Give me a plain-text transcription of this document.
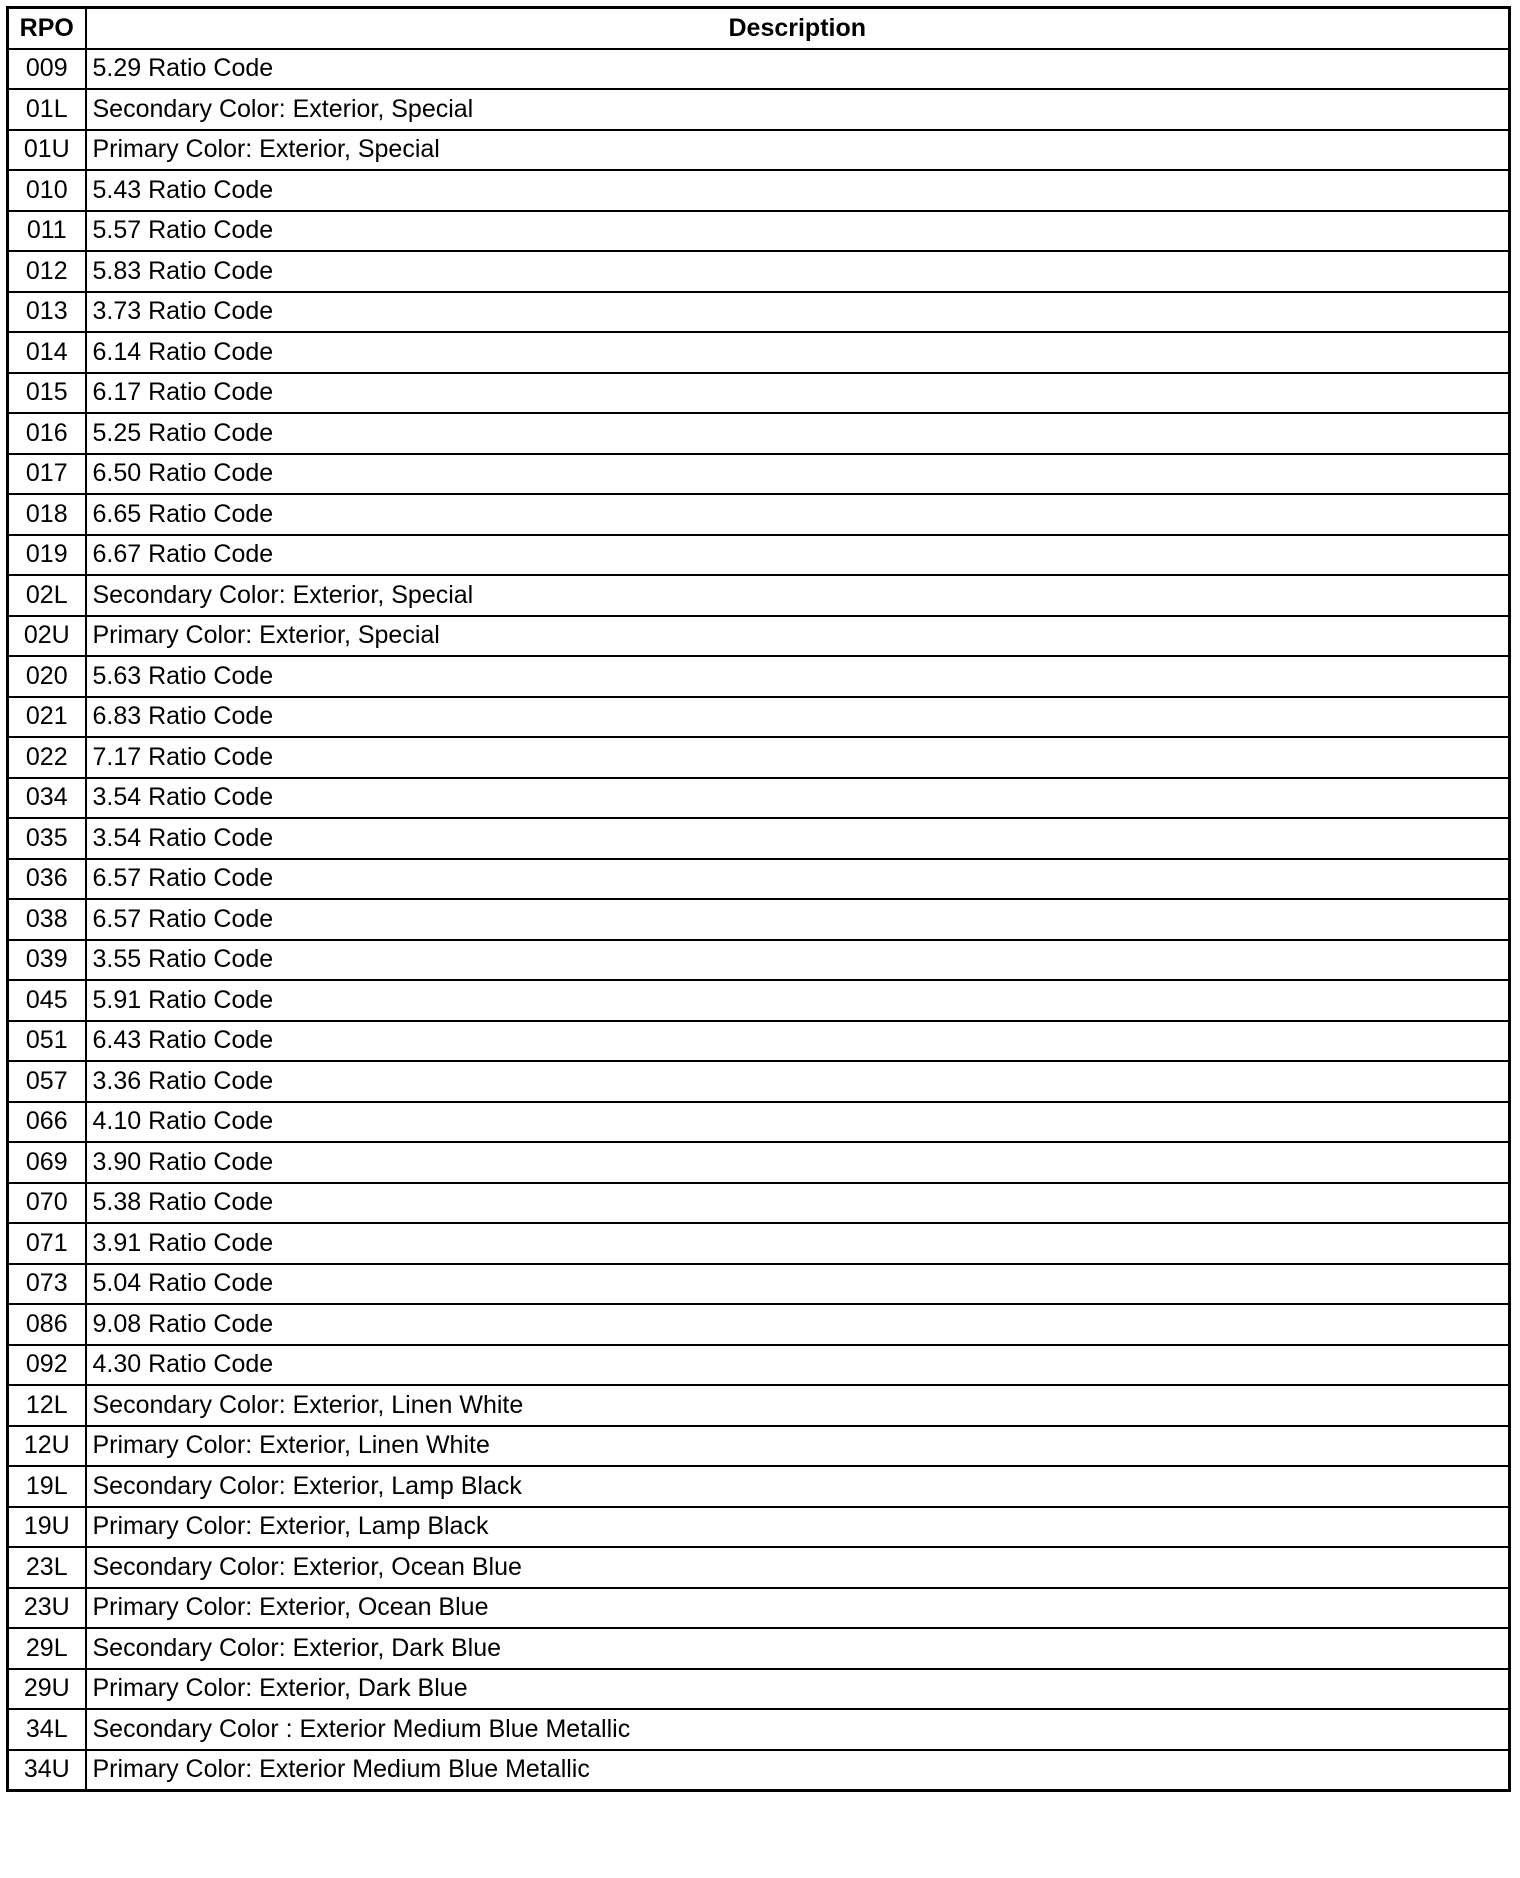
RPO	Description
009	5.29 Ratio Code
01L	Secondary Color: Exterior, Special
01U	Primary Color: Exterior, Special
010	5.43 Ratio Code
011	5.57 Ratio Code
012	5.83 Ratio Code
013	3.73 Ratio Code
014	6.14 Ratio Code
015	6.17 Ratio Code
016	5.25 Ratio Code
017	6.50 Ratio Code
018	6.65 Ratio Code
019	6.67 Ratio Code
02L	Secondary Color: Exterior, Special
02U	Primary Color: Exterior, Special
020	5.63 Ratio Code
021	6.83 Ratio Code
022	7.17 Ratio Code
034	3.54 Ratio Code
035	3.54 Ratio Code
036	6.57 Ratio Code
038	6.57 Ratio Code
039	3.55 Ratio Code
045	5.91 Ratio Code
051	6.43 Ratio Code
057	3.36 Ratio Code
066	4.10 Ratio Code
069	3.90 Ratio Code
070	5.38 Ratio Code
071	3.91 Ratio Code
073	5.04 Ratio Code
086	9.08 Ratio Code
092	4.30 Ratio Code
12L	Secondary Color: Exterior, Linen White
12U	Primary Color: Exterior, Linen White
19L	Secondary Color: Exterior, Lamp Black
19U	Primary Color: Exterior, Lamp Black
23L	Secondary Color: Exterior, Ocean Blue
23U	Primary Color: Exterior, Ocean Blue
29L	Secondary Color: Exterior, Dark Blue
29U	Primary Color: Exterior, Dark Blue
34L	Secondary Color : Exterior Medium Blue Metallic
34U	Primary Color: Exterior Medium Blue Metallic
